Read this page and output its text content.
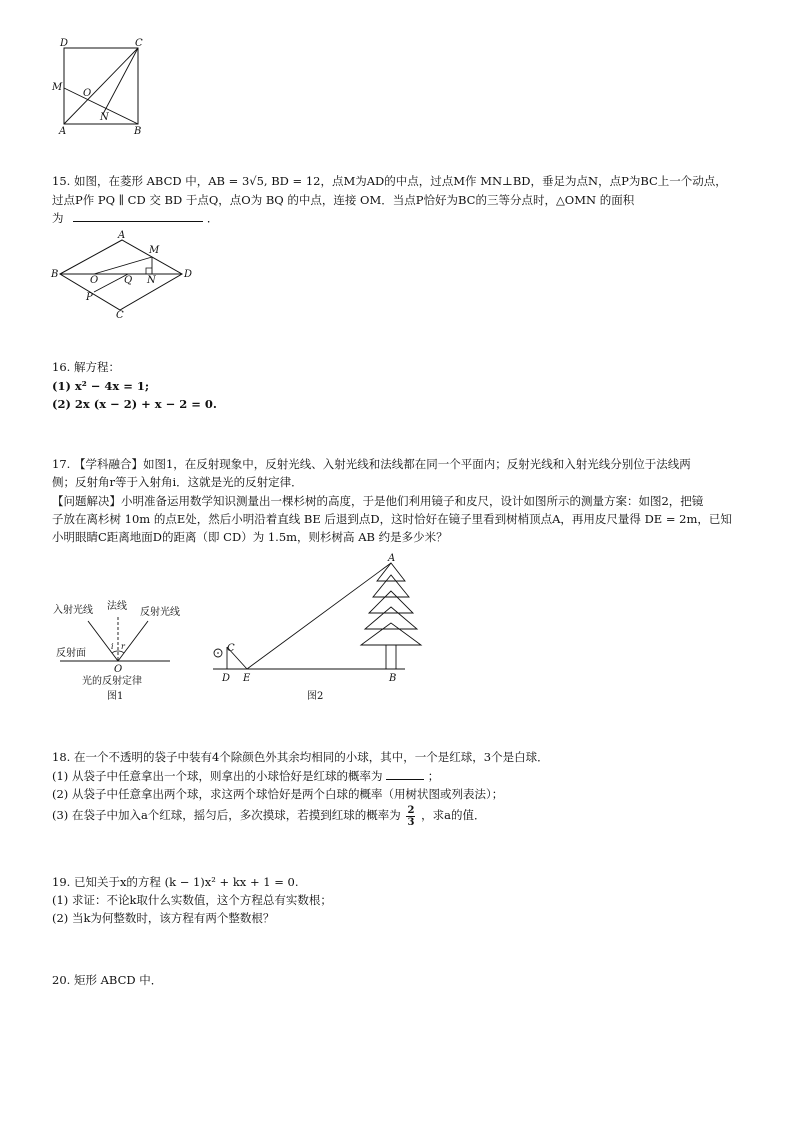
D	C
M
O
N
A	B
15. 如图，在菱形 ABCD 中，AB = 3√5, BD = 12，点M为AD的中点，过点M作 MN⊥BD，垂足为点N，点P为BC上一个动点，
过点P作 PQ ∥ CD 交 BD 于点Q，点O为 BQ 的中点，连接 OM．当点P恰好为BC的三等分点时，△OMN 的面积
为	．
A
M
B
O	Q N
D
P
C
16. 解方程：
(1) x² − 4x = 1;
(2) 2x (x − 2) + x − 2 = 0.
17. 【学科融合】如图1，在反射现象中，反射光线、入射光线和法线都在同一个平面内；反射光线和入射光线分别位于法线两
侧；反射角r等于入射角i．这就是光的反射定律．
【问题解决】小明准备运用数学知识测量出一棵杉树的高度，于是他们利用镜子和皮尺，设计如图所示的测量方案：如图2，把镜
子放在离杉树 10m 的点E处，然后小明沿着直线 BE 后退到点D，这时恰好在镜子里看到树梢顶点A，再用皮尺量得 DE = 2m，已知
小明眼睛C距离地面D的距离（即 CD）为 1.5m，则杉树高 AB 约是多少米？
入射光线 法线
反射光线
反射面
i r
O
光的反射定律
图1
A
C
D E	B
图2
18. 在一个不透明的袋子中装有4个除颜色外其余均相同的小球，其中，一个是红球，3个是白球．
(1) 从袋子中任意拿出一个球，则拿出的小球恰好是红球的概率为	；
(2) 从袋子中任意拿出两个球，求这两个球恰好是两个白球的概率（用树状图或列表法）；
(3) 在袋子中加入a个红球，摇匀后，多次摸球，若摸到红球的概率为 $\frac{2}{3}$ ，求a的值．
19. 已知关于x的方程 (k − 1)x² + kx + 1 = 0.
(1) 求证：不论k取什么实数值，这个方程总有实数根；
(2) 当k为何整数时，该方程有两个整数根？
20. 矩形 ABCD 中．
